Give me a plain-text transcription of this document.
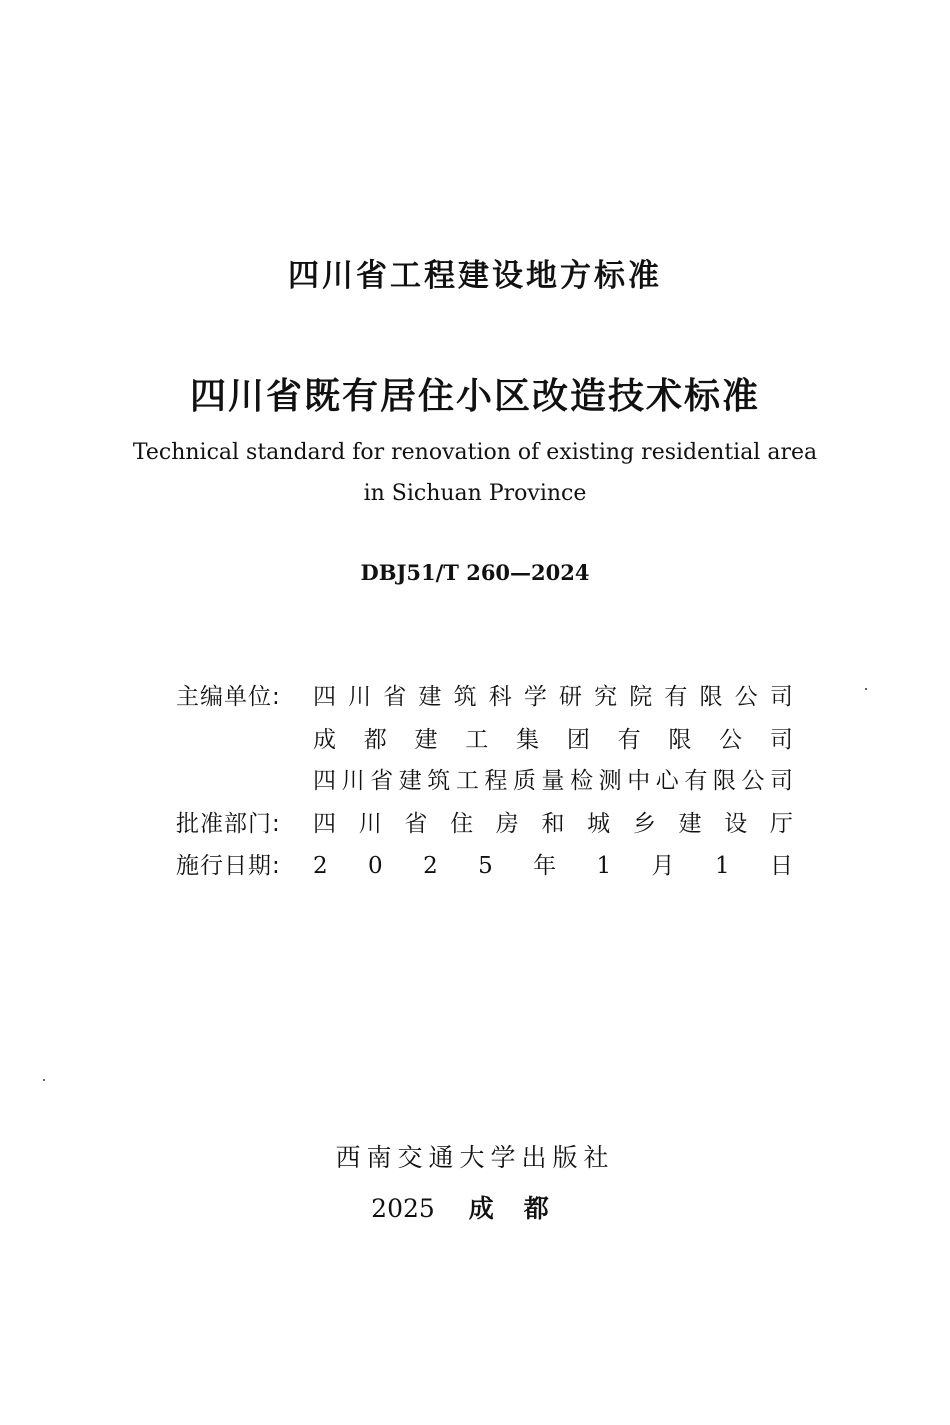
四川省工程建设地方标准
四川省既有居住小区改造技术标准
Technical standard for renovation of existing residential area
in Sichuan Province
DBJ51/T 260—2024
主编单位:	四 川 省 建 筑 科 学 研 究 院 有 限 公 司
成 都 建 工 集 团 有 限 公 司
四 川 省 建 筑 工 程 质 量 检 测 中 心 有 限 公 司
批准部门:	四 川 省 住 房 和 城 乡 建 设 厅
施行日期:	2 0 2 5 年 1 月 1 日
西南交通大学出版社
2025 成都
